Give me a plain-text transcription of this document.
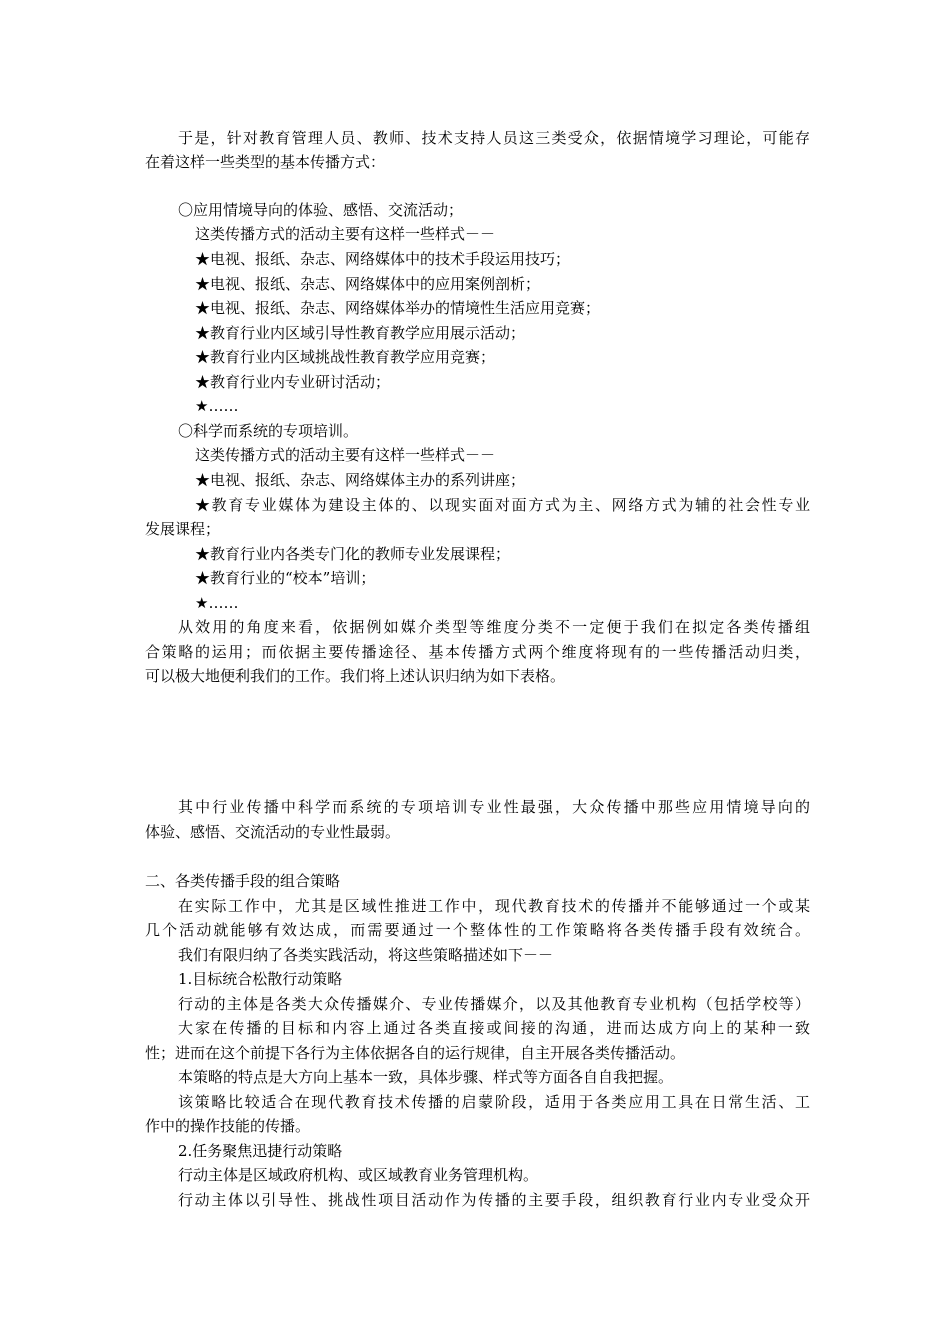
于是，针对教育管理人员、教师、技术支持人员这三类受众，依据情境学习理论，可能存
在着这样一些类型的基本传播方式：
〇应用情境导向的体验、感悟、交流活动；
这类传播方式的活动主要有这样一些样式－－
★电视、报纸、杂志、网络媒体中的技术手段运用技巧；
★电视、报纸、杂志、网络媒体中的应用案例剖析；
★电视、报纸、杂志、网络媒体举办的情境性生活应用竞赛；
★教育行业内区域引导性教育教学应用展示活动；
★教育行业内区域挑战性教育教学应用竞赛；
★教育行业内专业研讨活动；
★……
〇科学而系统的专项培训。
这类传播方式的活动主要有这样一些样式－－
★电视、报纸、杂志、网络媒体主办的系列讲座；
★教育专业媒体为建设主体的、以现实面对面方式为主、网络方式为辅的社会性专业
发展课程；
★教育行业内各类专门化的教师专业发展课程；
★教育行业的“校本”培训；
★……
从效用的角度来看，依据例如媒介类型等维度分类不一定便于我们在拟定各类传播组
合策略的运用；而依据主要传播途径、基本传播方式两个维度将现有的一些传播活动归类，
可以极大地便利我们的工作。我们将上述认识归纳为如下表格。
其中行业传播中科学而系统的专项培训专业性最强，大众传播中那些应用情境导向的
体验、感悟、交流活动的专业性最弱。
二、各类传播手段的组合策略
在实际工作中，尤其是区域性推进工作中，现代教育技术的传播并不能够通过一个或某
几个活动就能够有效达成，而需要通过一个整体性的工作策略将各类传播手段有效统合。
我们有限归纳了各类实践活动，将这些策略描述如下－－
1.目标统合松散行动策略
行动的主体是各类大众传播媒介、专业传播媒介，以及其他教育专业机构（包括学校等）
大家在传播的目标和内容上通过各类直接或间接的沟通，进而达成方向上的某种一致
性；进而在这个前提下各行为主体依据各自的运行规律，自主开展各类传播活动。
本策略的特点是大方向上基本一致，具体步骤、样式等方面各自自我把握。
该策略比较适合在现代教育技术传播的启蒙阶段，适用于各类应用工具在日常生活、工
作中的操作技能的传播。
2.任务聚焦迅捷行动策略
行动主体是区域政府机构、或区域教育业务管理机构。
行动主体以引导性、挑战性项目活动作为传播的主要手段，组织教育行业内专业受众开
